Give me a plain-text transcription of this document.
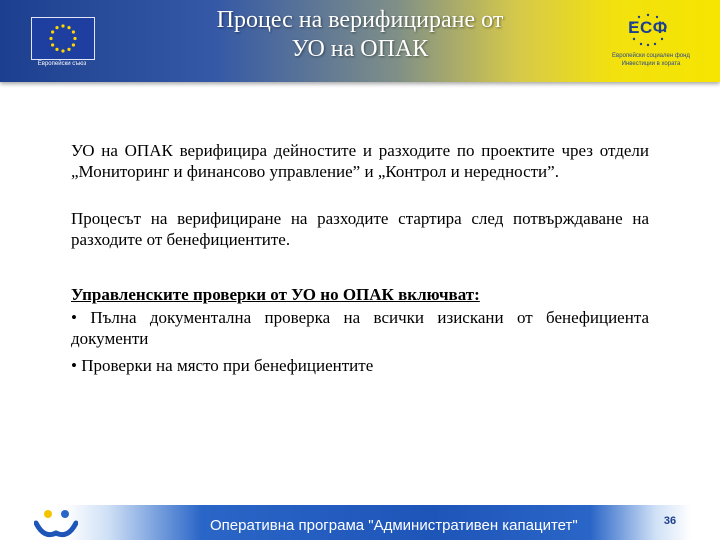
Европейски съюз
Процес на верифициране от
УО на ОПАК
ЕСФ
Европейски социален фонд
Инвестиции в хората

УО на ОПАК верифицира дейностите и разходите по проектите чрез отдели „Мониторинг и финансово управление” и „Контрол и нередности”.

Процесът на верифициране на разходите стартира след потвърждаване на разходите от бенефициентите.

Управленските проверки от УО но ОПАК включват:

• Пълна документална проверка на всички изискани от бенефициента документи

• Проверки на място при бенефициентите

Оперативна програма "Административен капацитет"	36
